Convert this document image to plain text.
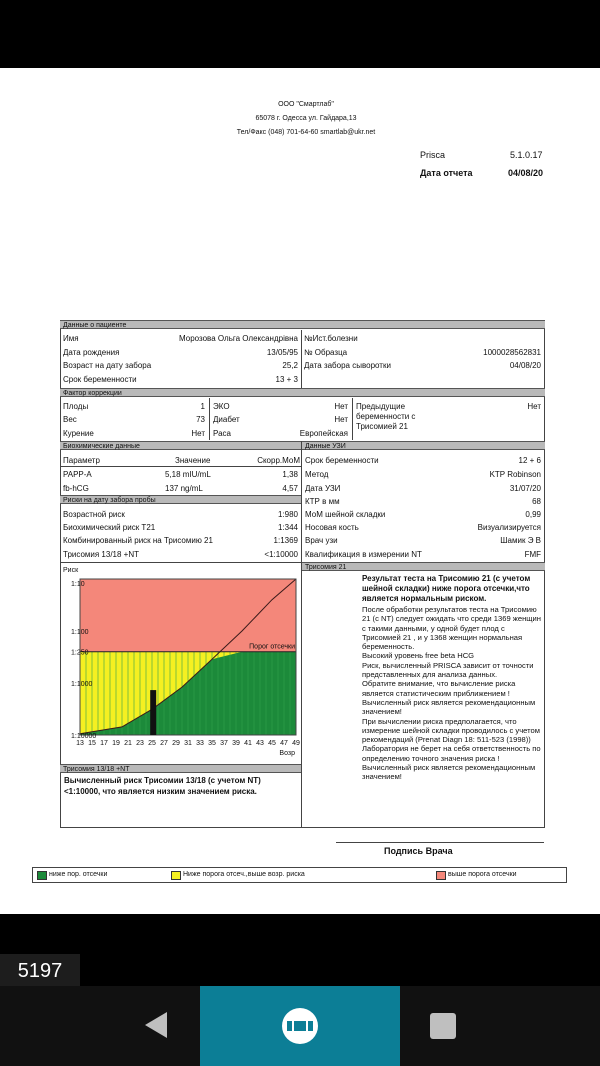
ООО "Смартлаб"
65078 г. Одесса ул. Гайдара,13
Тел/Факс (048) 701-64-60 smartlab@ukr.net
Prisca	5.1.0.17
Дата отчета	04/08/20
Данные о пациенте
Имя	Морозова Ольга Олександрівна
Дата рождения	13/05/95
Возраст на дату забора	25,2
Срок беременности	13 + 3
№Ист.болезни
№ Образца	1000028562831
Дата забора сыворотки	04/08/20
Фактор коррекции
Плоды	1
Вес	73
Курение	Нет
ЭКО	Нет
Диабет	Нет
Раса	Европейская
Предыдущие беременности с Трисомией 21
Нет
Биохимические данные	Данные УЗИ
Параметр	Значение	Скорр.МоМ
PAPP-A	5,18 mIU/mL	1,38
fb-hCG	137 ng/mL	4,57
Риски на дату забора пробы
Возрастной риск	1:980
Биохимический риск Т21	1:344
Комбинированный риск на Трисомию 21	1:1369
Трисомия 13/18 +NT	<1:10000
Срок беременности	12 + 6
Метод	KTP Robinson
Дата УЗИ	31/07/20
КТР в мм	68
МоМ шейной складки	0,99
Носовая кость	Визуализируется
Врач узи	Шамик Э В
Квалификация в измерении NT	FMF
Риск
Возр
1:10
1:100
1:250
1:1000
1:10000
Порог отсечки
13 15 17 19 21 23 25 27 29 31 33 35 37 39 41 43 45 47 49
Трисомия 21
Результат теста на Трисомию 21 (с учетом шейной складки) ниже порога отсечки,что является нормальным риском.
После обработки результатов теста на Трисомию 21 (с NT) следует ожидать что среди 1369 женщин с такими данными, у одной будет плод с Трисомией 21 , и у 1368 женщин нормальная беременность.
Высокий уровень free beta HCG
Риск, вычисленный PRISCA зависит от точности представленных для анализа данных.
Обратите внимание, что вычисление риска является статистическим приближением ! Вычисленный риск является рекомендационным значением!
При вычислении риска предполагается, что измерение шейной складки проводилось с учетом рекомендаций (Prenat Diagn 18: 511-523 (1998))
Лаборатория не берет на себя ответственность по определению точного значения риска ! Вычисленный риск является рекомендационным значением!
Трисомия 13/18 +NT
Вычисленный риск Трисомии 13/18 (с учетом NT) <1:10000, что является низким значением риска.
Подпись Врача
ниже пор. отсечки	Ниже порога отсеч.,выше возр. риска	выше порога отсечки
5197
